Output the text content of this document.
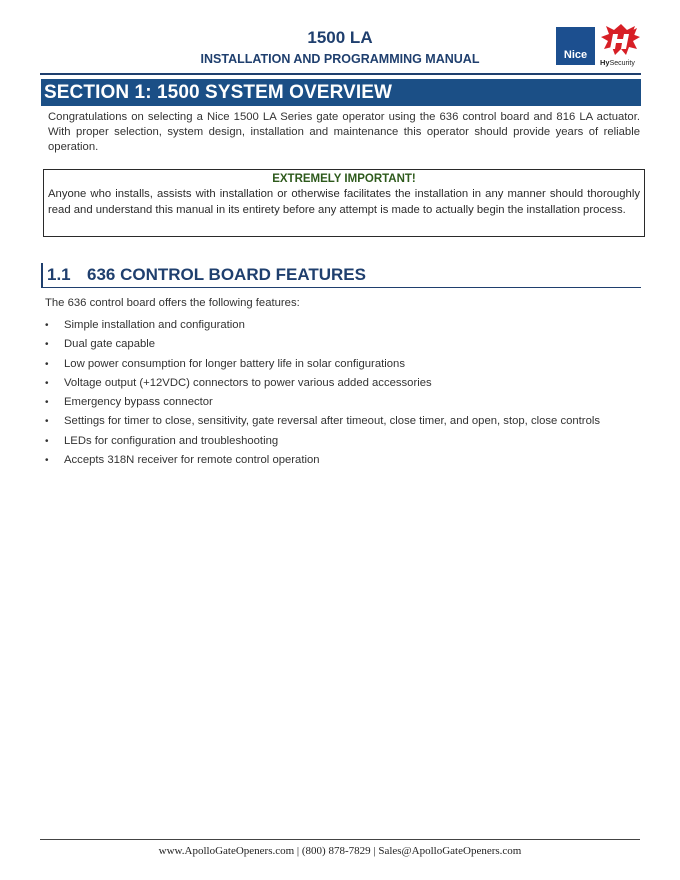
1500 LA
INSTALLATION AND PROGRAMMING MANUAL	Nice
HySecurity
SECTION 1: 1500 SYSTEM OVERVIEW
Congratulations on selecting a Nice 1500 LA Series gate operator using the 636 control board and 816 LA actuator. With proper selection, system design, installation and maintenance this operator should provide years of reliable operation.
EXTREMELY IMPORTANT!
Anyone who installs, assists with installation or otherwise facilitates the installation in any manner should thoroughly read and understand this manual in its entirety before any attempt is made to actually begin the installation process.
1.1 636 CONTROL BOARD FEATURES
The 636 control board offers the following features:
• Simple installation and configuration
• Dual gate capable
• Low power consumption for longer battery life in solar configurations
• Voltage output (+12VDC) connectors to power various added accessories
• Emergency bypass connector
• Settings for timer to close, sensitivity, gate reversal after timeout, close timer, and open, stop, close controls
• LEDs for configuration and troubleshooting
• Accepts 318N receiver for remote control operation
www.ApolloGateOpeners.com | (800) 878-7829 | Sales@ApolloGateOpeners.com
